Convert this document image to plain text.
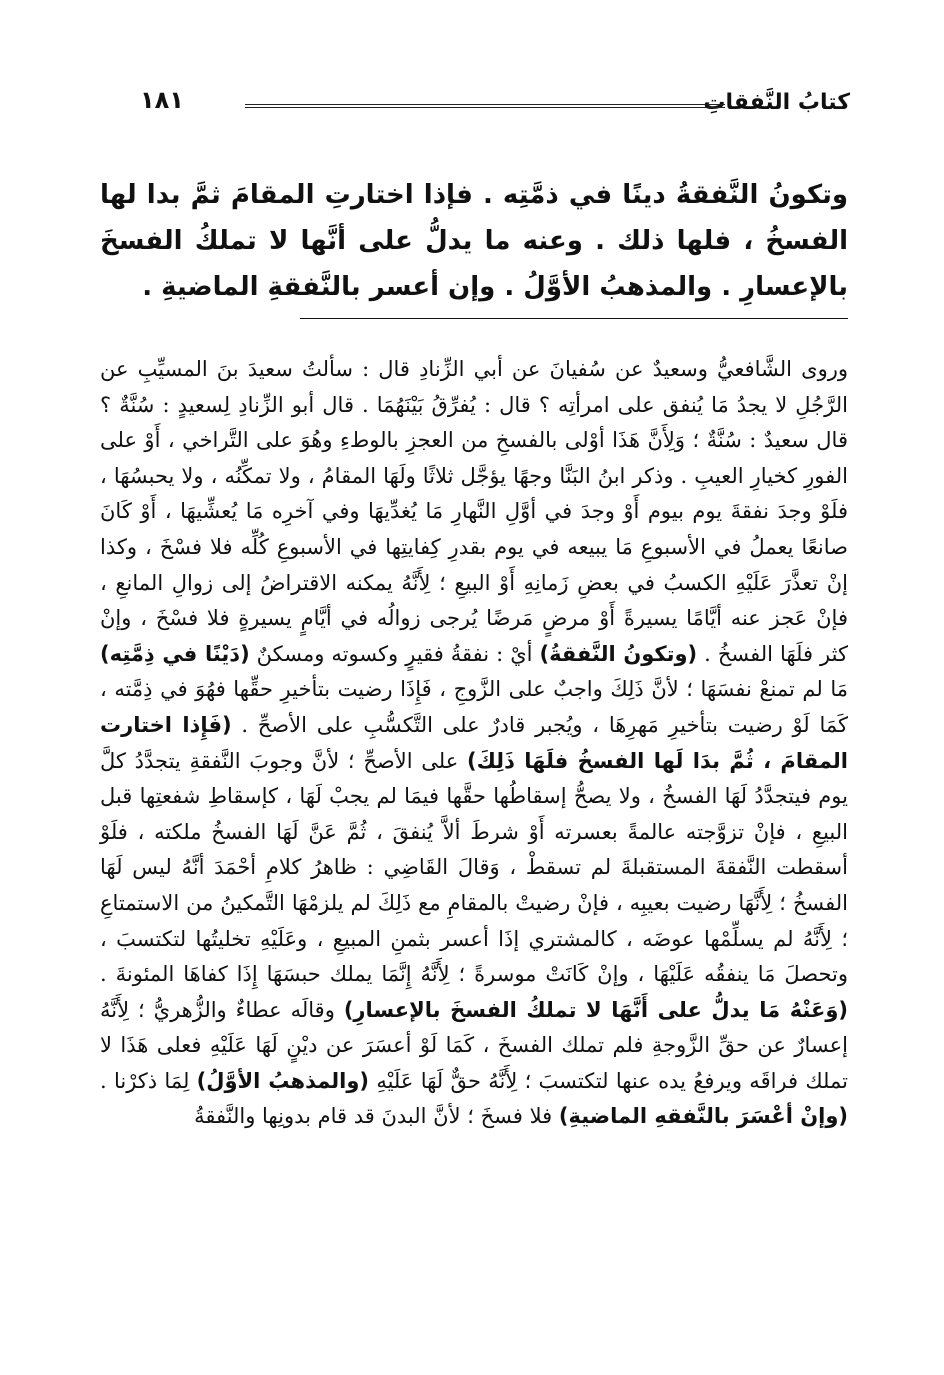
كتابُ النَّفقاتِ
١٨١
وتكونُ النَّفقةُ دينًا في ذمَّتِه . فإذا اختارتِ المقامَ ثمَّ بدا لها الفسخُ ، فلها ذلك . وعنه ما يدلُّ على أنَّها لا تملكُ الفسخَ بالإعسارِ . والمذهبُ الأوَّلُ . وإن أعسر بالنَّفقةِ الماضيةِ .
وروى الشَّافعيُّ وسعيدٌ عن سُفيانَ عن أبي الزِّنادِ قال : سألتُ سعيدَ بنَ المسيِّبِ عن الرَّجُلِ لا يجدُ مَا يُنفق على امرأتِه ؟ قال : يُفرِّقُ بَيْنَهُمَا . قال أبو الزِّنادِ لِسعيدٍ : سُنَّةٌ ؟ قال سعيدٌ : سُنَّةٌ ؛ وَلِأَنَّ هَذَا أوْلى بالفسخِ من العجزِ بالوطءِ وهُوَ على التَّراخي ، أَوْ على الفورِ كخيارِ العيبِ . وذكر ابنُ البَنَّا وجهًا يؤجَّل ثلاثًا ولَهَا المقامُ ، ولا تمكِّنُه ، ولا يحبسُهَا ، فلَوْ وجدَ نفقةَ يوم بيوم أَوْ وجدَ في أوَّلِ النَّهارِ مَا يُغدِّيهَا وفي آخرِه مَا يُعشِّيهَا ، أَوْ كَانَ صانعًا يعملُ في الأسبوعِ مَا يبيعه في يوم بقدرِ كِفايتِها في الأسبوعِ كُلِّه فلا فسْخَ ، وكذا إنْ تعذَّرَ عَلَيْهِ الكسبُ في بعضِ زَمانِهِ أَوْ البيعِ ؛ لِأَنَّهُ يمكنه الاقتراضُ إلى زوالِ المانعِ ، فإنْ عَجز عنه أيَّامًا يسيرةً أَوْ مرضٍ مَرضًا يُرجى زوالُه في أيَّامٍ يسيرةٍ فلا فسْخَ ، وإنْ كثر فلَهَا الفسخُ . (وتكونُ النَّفقةُ) أيْ : نفقةُ فقيرٍ وكسوته ومسكنٌ (دَيْنًا في ذِمَّتِه) مَا لم تمنعْ نفسَهَا ؛ لأنَّ ذَلِكَ واجبٌ على الزَّوجِ ، فَإِذَا رضيت بتأخيرِ حقِّها فهُوَ في ذِمَّته ، كَمَا لَوْ رضيت بتأخيرِ مَهرِهَا ، ويُجبر قادرٌ على التَّكسُّبِ على الأصحِّ . (فَإِذا اختارت المقامَ ، ثُمَّ بدَا لَها الفسخُ فلَهَا ذَلِكَ) على الأصحِّ ؛ لأنَّ وجوبَ النَّفقةِ يتجدَّدُ كلَّ يوم فيتجدَّدُ لَهَا الفسخُ ، ولا يصحُّ إسقاطُها حقَّها فيمَا لم يجبْ لَهَا ، كإسقاطِ شفعتِها قبل البيعِ ، فإنْ تزوَّجته عالمةً بعسرته أَوْ شرطَ ألاَّ يُنفقَ ، ثُمَّ عَنَّ لَهَا الفسخُ ملكته ، فلَوْ أسقطت النَّفقةَ المستقبلةَ لم تسقطْ ، وَقالَ القَاضِي : ظاهرُ كلامِ أحْمَدَ أنَّهُ ليس لَهَا الفسخُ ؛ لِأَنَّهَا رضيت بعيبِه ، فإنْ رضيتْ بالمقامِ مع ذَلِكَ لم يلزمْهَا التَّمكينُ من الاستمتاعِ ؛ لِأَنَّهُ لم يسلِّمْها عوضَه ، كالمشتري إذَا أعسر بثمنِ المبيعِ ، وعَلَيْهِ تخليتُها لتكتسبَ ، وتحصلَ مَا ينفقُه عَلَيْهَا ، وإنْ كَانَتْ موسرةً ؛ لِأَنَّهُ إِنَّمَا يملك حبسَهَا إِذَا كفاهَا المئونةَ . (وَعَنْهُ مَا يدلُّ على أَنَّهَا لا تملكُ الفسخَ بالإعسارِ) وقالَه عطاءٌ والزُّهريُّ ؛ لِأَنَّهُ إعسارٌ عن حقِّ الزَّوجةِ فلم تملك الفسخَ ، كَمَا لَوْ أعسَرَ عن ديْنٍ لَهَا عَلَيْهِ فعلى هَذَا لا تملك فراقَه ويرفعُ يده عنها لتكتسبَ ؛ لِأَنَّهُ حقٌّ لَهَا عَلَيْهِ (والمذهبُ الأوَّلُ) لِمَا ذكرْنا . (وإنْ أعْسَرَ بالنَّفقهِ الماضيةِ) فلا فسخَ ؛ لأنَّ البدنَ قد قام بدونِها والنَّفقةُ
